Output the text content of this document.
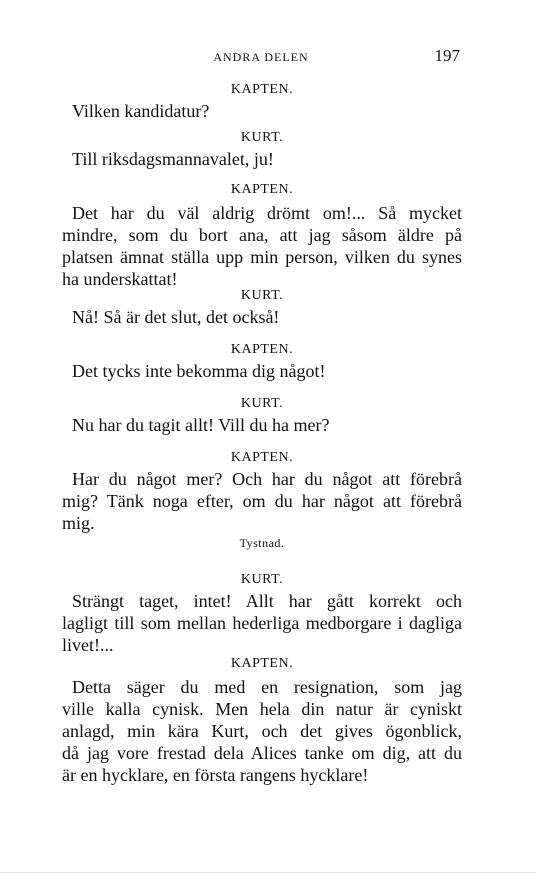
ANDRA DELEN	197
KAPTEN.
Vilken kandidatur?
KURT.
Till riksdagsmannavalet, ju!
KAPTEN.
Det har du väl aldrig drömt om!... Så mycket
mindre, som du bort ana, att jag såsom äldre på
platsen ämnat ställa upp min person, vilken du synes
ha underskattat!
KURT.
Nå! Så är det slut, det också!
KAPTEN.
Det tycks inte bekomma dig något!
KURT.
Nu har du tagit allt! Vill du ha mer?
KAPTEN.
Har du något mer? Och har du något att förebrå
mig? Tänk noga efter, om du har något att förebrå
mig.
Tystnad.
KURT.
Strängt taget, intet! Allt har gått korrekt och
lagligt till som mellan hederliga medborgare i dagliga
livet!...
KAPTEN.
Detta säger du med en resignation, som jag
ville kalla cynisk. Men hela din natur är cyniskt
anlagd, min kära Kurt, och det gives ögonblick,
då jag vore frestad dela Alices tanke om dig, att du
är en hycklare, en första rangens hycklare!
